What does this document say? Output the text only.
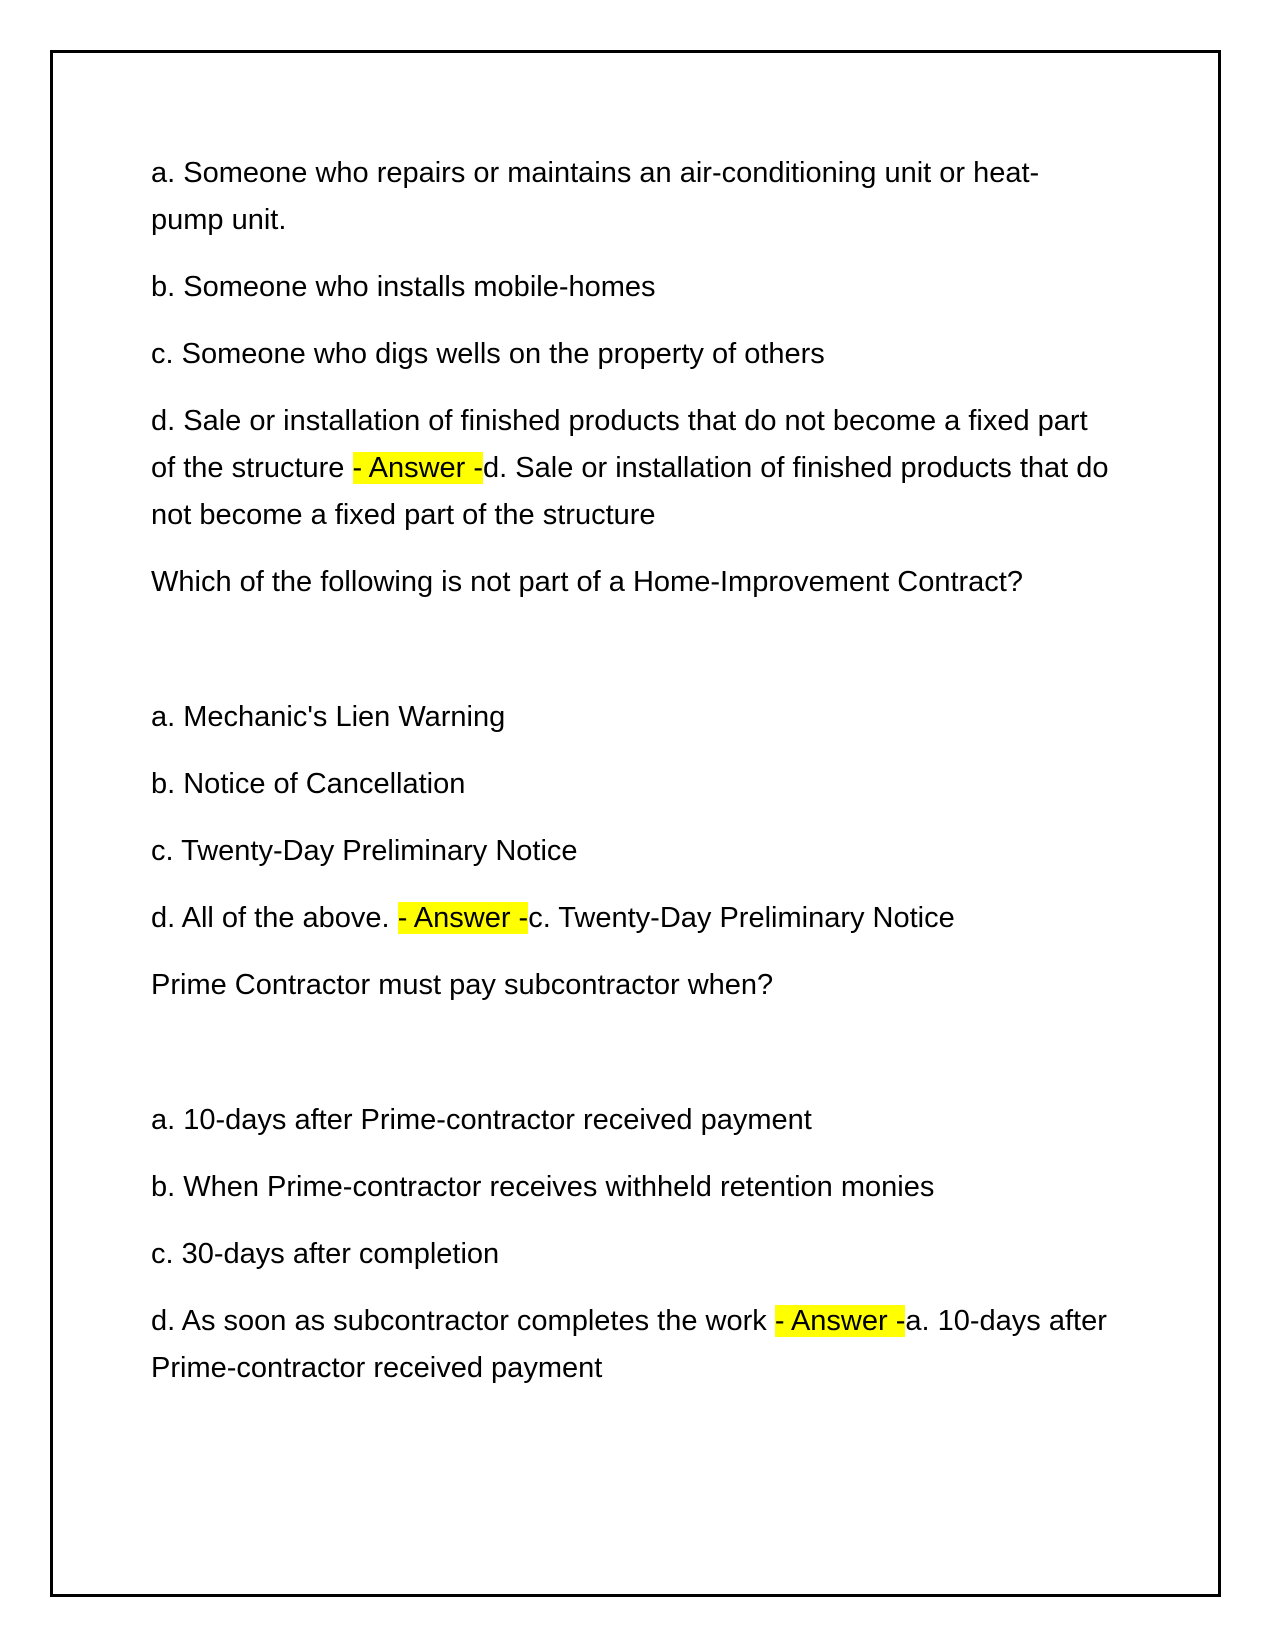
a. Someone who repairs or maintains an air-conditioning unit or heat-pump unit.

b. Someone who installs mobile-homes

c. Someone who digs wells on the property of others

d. Sale or installation of finished products that do not become a fixed part of the structure - Answer -d. Sale or installation of finished products that do not become a fixed part of the structure

Which of the following is not part of a Home-Improvement Contract?

a. Mechanic's Lien Warning

b. Notice of Cancellation

c. Twenty-Day Preliminary Notice

d. All of the above. - Answer -c. Twenty-Day Preliminary Notice

Prime Contractor must pay subcontractor when?

a. 10-days after Prime-contractor received payment

b. When Prime-contractor receives withheld retention monies

c. 30-days after completion

d. As soon as subcontractor completes the work - Answer -a. 10-days after Prime-contractor received payment
